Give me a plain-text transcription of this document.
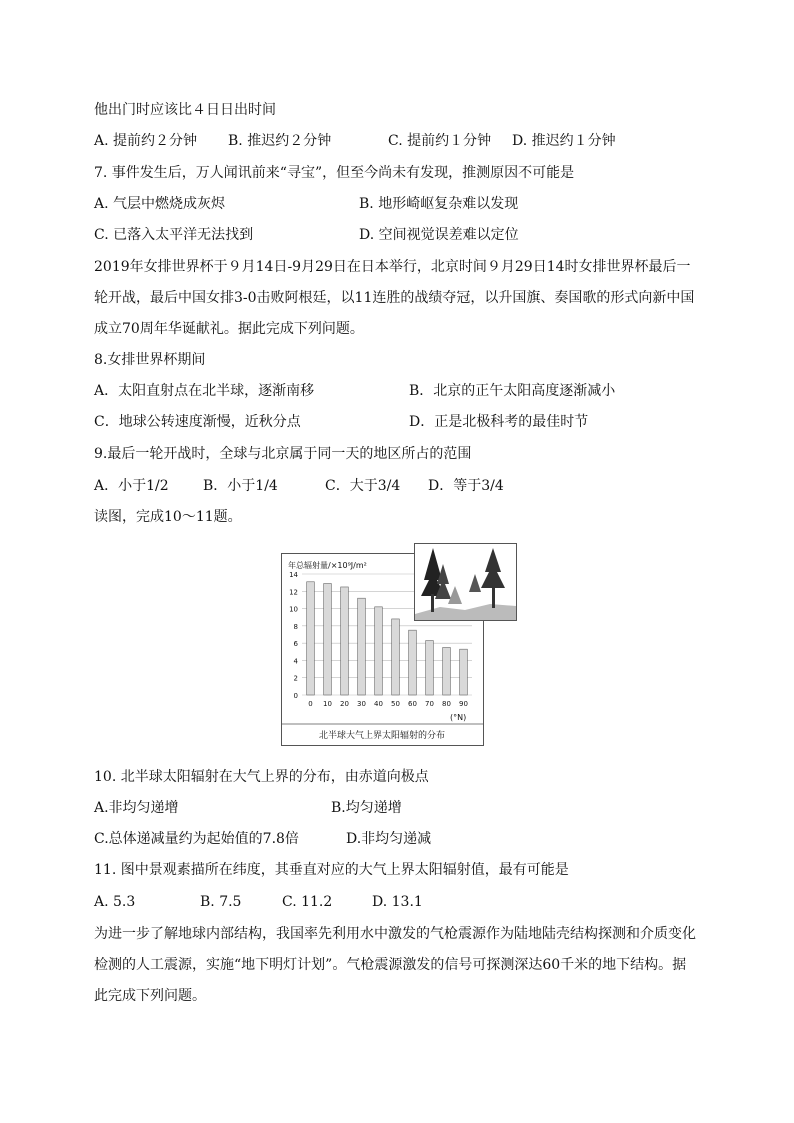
他出门时应该比４日日出时间
A. 提前约２分钟 B. 推迟约２分钟	C. 提前约１分钟 D. 推迟约１分钟
7. 事件发生后，万人闻讯前来“寻宝”，但至今尚未有发现，推测原因不可能是
A. 气层中燃烧成灰烬	B. 地形崎岖复杂难以发现
C. 已落入太平洋无法找到	D. 空间视觉误差难以定位
2019年女排世界杯于９月14日-9月29日在日本举行，北京时间９月29日14时女排世界杯最后一
轮开战，最后中国女排3-0击败阿根廷，以11连胜的战绩夺冠，以升国旗、奏国歌的形式向新中国
成立70周年华诞献礼。据此完成下列问题。
8.女排世界杯期间
A．太阳直射点在北半球，逐渐南移	B．北京的正午太阳高度逐渐减小
C．地球公转速度渐慢，近秋分点	D．正是北极科考的最佳时节
9.最后一轮开战时，全球与北京属于同一天的地区所占的范围
A．小于1/2 B．小于1/4	C．大于3/4 D．等于3/4
读图，完成10～11题。
0
2
4
6
8
10
12
14
0 10 20 30 40 50 60 70 80 90
年总辐射量/×10⁹J/m²
(°N)
北半球大气上界太阳辐射的分布
10. 北半球太阳辐射在大气上界的分布，由赤道向极点
A.非均匀递增	B.均匀递增
C.总体递减量约为起始值的7.8倍	D.非均匀递减
11. 图中景观素描所在纬度，其垂直对应的大气上界太阳辐射值，最有可能是
A. 5.3	B. 7.5	C. 11.2	D. 13.1
为进一步了解地球内部结构，我国率先利用水中激发的气枪震源作为陆地陆壳结构探测和介质变化
检测的人工震源，实施“地下明灯计划”。气枪震源激发的信号可探测深达60千米的地下结构。据
此完成下列问题。
